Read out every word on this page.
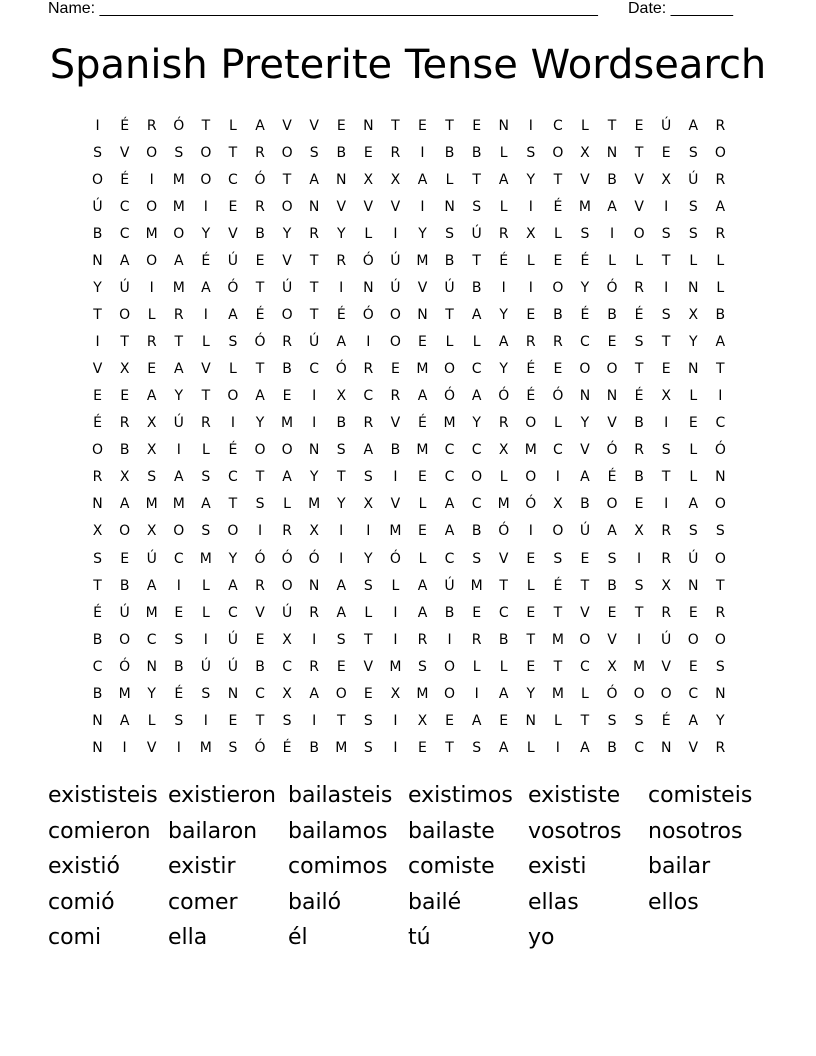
Name: ________________________________________________________

Date: _______

Spanish Preterite Tense Wordsearch
I	É	R	Ó	T	L	A	V	V	E	N	T	E	T	E	N	I	C	L	T	E	Ú	A	R
S	V	O	S	O	T	R	O	S	B	E	R	I	B	B	L	S	O	X	N	T	E	S	O
O	É	I	M	O	C	Ó	T	A	N	X	X	A	L	T	A	Y	T	V	B	V	X	Ú	R
Ú	C	O	M	I	E	R	O	N	V	V	V	I	N	S	L	I	É	M	A	V	I	S	A
B	C	M	O	Y	V	B	Y	R	Y	L	I	Y	S	Ú	R	X	L	S	I	O	S	S	R
N	A	O	A	É	Ú	E	V	T	R	Ó	Ú	M	B	T	É	L	E	É	L	L	T	L	L
Y	Ú	I	M	A	Ó	T	Ú	T	I	N	Ú	V	Ú	B	I	I	O	Y	Ó	R	I	N	L
T	O	L	R	I	A	É	O	T	É	Ó	O	N	T	A	Y	E	B	É	B	É	S	X	B
I	T	R	T	L	S	Ó	R	Ú	A	I	O	E	L	L	A	R	R	C	E	S	T	Y	A
V	X	E	A	V	L	T	B	C	Ó	R	E	M	O	C	Y	É	E	O	O	T	E	N	T
E	E	A	Y	T	O	A	E	I	X	C	R	A	Ó	A	Ó	É	Ó	N	N	É	X	L	I
É	R	X	Ú	R	I	Y	M	I	B	R	V	É	M	Y	R	O	L	Y	V	B	I	E	C
O	B	X	I	L	É	O	O	N	S	A	B	M	C	C	X	M	C	V	Ó	R	S	L	Ó
R	X	S	A	S	C	T	A	Y	T	S	I	E	C	O	L	O	I	A	É	B	T	L	N
N	A	M	M	A	T	S	L	M	Y	X	V	L	A	C	M	Ó	X	B	O	E	I	A	O
X	O	X	O	S	O	I	R	X	I	I	M	E	A	B	Ó	I	O	Ú	A	X	R	S	S
S	E	Ú	C	M	Y	Ó	Ó	Ó	I	Y	Ó	L	C	S	V	E	S	E	S	I	R	Ú	O
T	B	A	I	L	A	R	O	N	A	S	L	A	Ú	M	T	L	É	T	B	S	X	N	T
É	Ú	M	E	L	C	V	Ú	R	A	L	I	A	B	E	C	E	T	V	E	T	R	E	R
B	O	C	S	I	Ú	E	X	I	S	T	I	R	I	R	B	T	M	O	V	I	Ú	O	O
C	Ó	N	B	Ú	Ú	B	C	R	E	V	M	S	O	L	L	E	T	C	X	M	V	E	S
B	M	Y	É	S	N	C	X	A	O	E	X	M	O	I	A	Y	M	L	Ó	O	O	C	N
N	A	L	S	I	E	T	S	I	T	S	I	X	E	A	E	N	L	T	S	S	É	A	Y
N	I	V	I	M	S	Ó	É	B	M	S	I	E	T	S	A	L	I	A	B	C	N	V	R
exististeis existieron bailasteis existimos exististe	comisteis
comieron bailaron	bailamos bailaste	vosotros	nosotros
existió	existir	comimos comiste	existi	bailar
comió	comer	bailó	bailé	ellas	ellos
comi	ella	él	tú	yo
